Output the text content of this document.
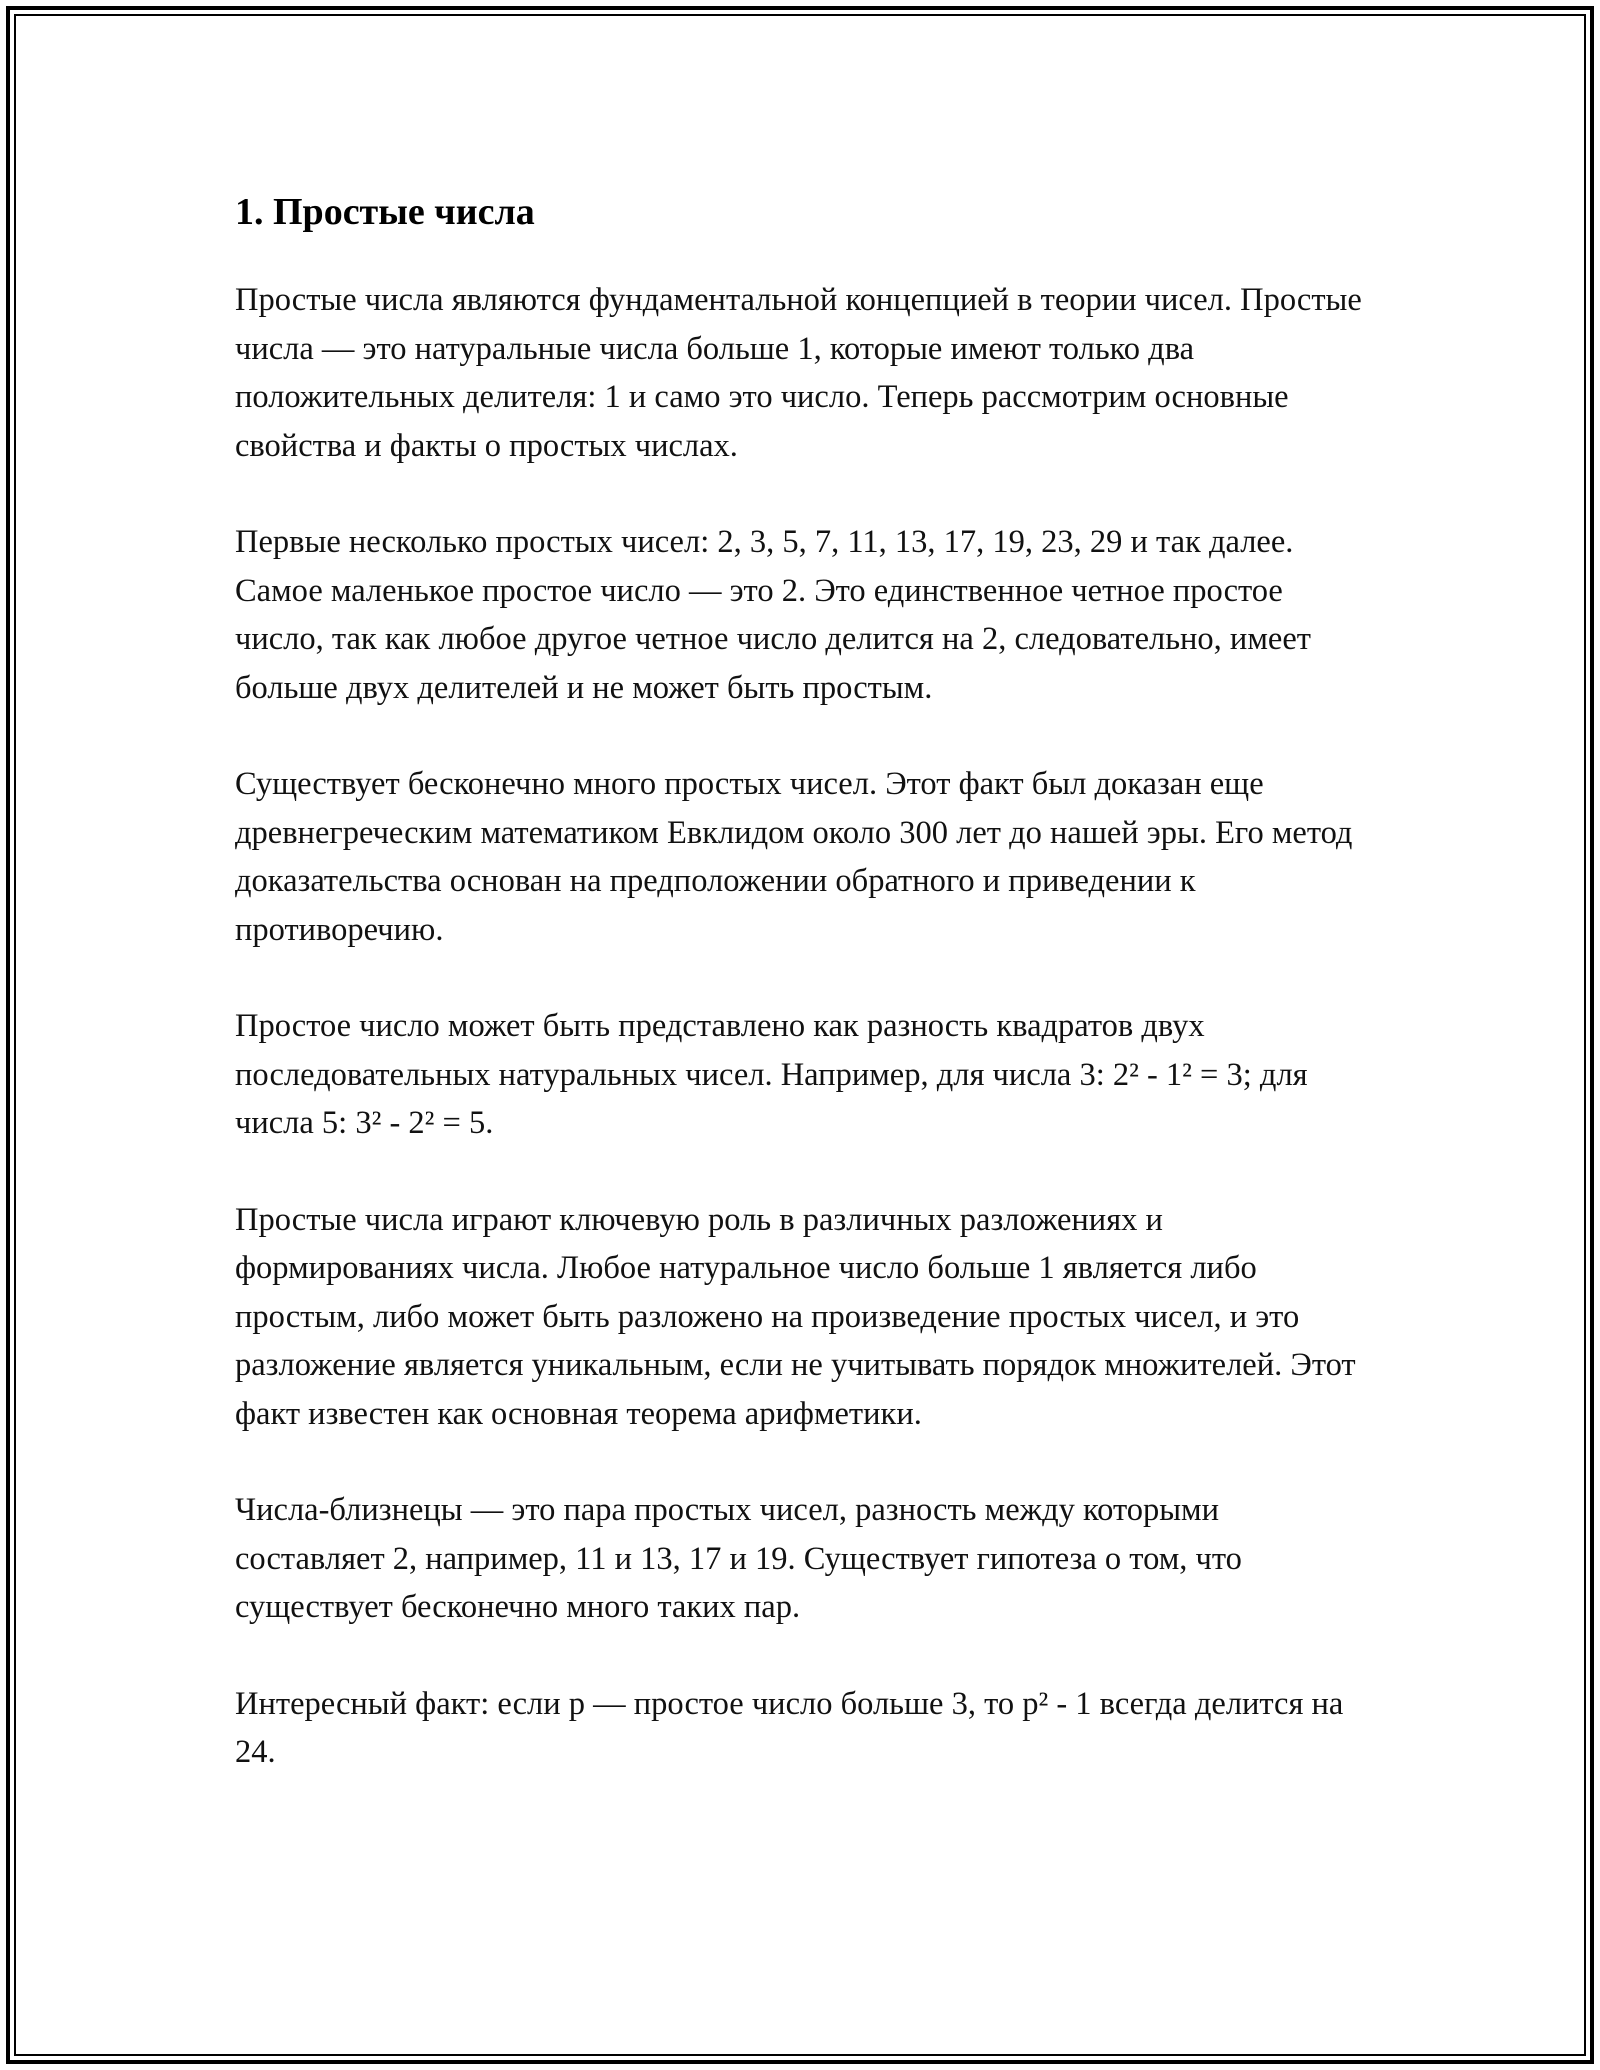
1. Простые числа

Простые числа являются фундаментальной концепцией в теории чисел. Простые числа — это натуральные числа больше 1, которые имеют только два положительных делителя: 1 и само это число. Теперь рассмотрим основные свойства и факты о простых числах.

Первые несколько простых чисел: 2, 3, 5, 7, 11, 13, 17, 19, 23, 29 и так далее. Самое маленькое простое число — это 2. Это единственное четное простое число, так как любое другое четное число делится на 2, следовательно, имеет больше двух делителей и не может быть простым.

Существует бесконечно много простых чисел. Этот факт был доказан еще древнегреческим математиком Евклидом около 300 лет до нашей эры. Его метод доказательства основан на предположении обратного и приведении к противоречию.

Простое число может быть представлено как разность квадратов двух последовательных натуральных чисел. Например, для числа 3: 2² - 1² = 3; для числа 5: 3² - 2² = 5.

Простые числа играют ключевую роль в различных разложениях и формированиях числа. Любое натуральное число больше 1 является либо простым, либо может быть разложено на произведение простых чисел, и это разложение является уникальным, если не учитывать порядок множителей. Этот факт известен как основная теорема арифметики.

Числа-близнецы — это пара простых чисел, разность между которыми составляет 2, например, 11 и 13, 17 и 19. Существует гипотеза о том, что существует бесконечно много таких пар.

Интересный факт: если p — простое число больше 3, то p² - 1 всегда делится на 24.
